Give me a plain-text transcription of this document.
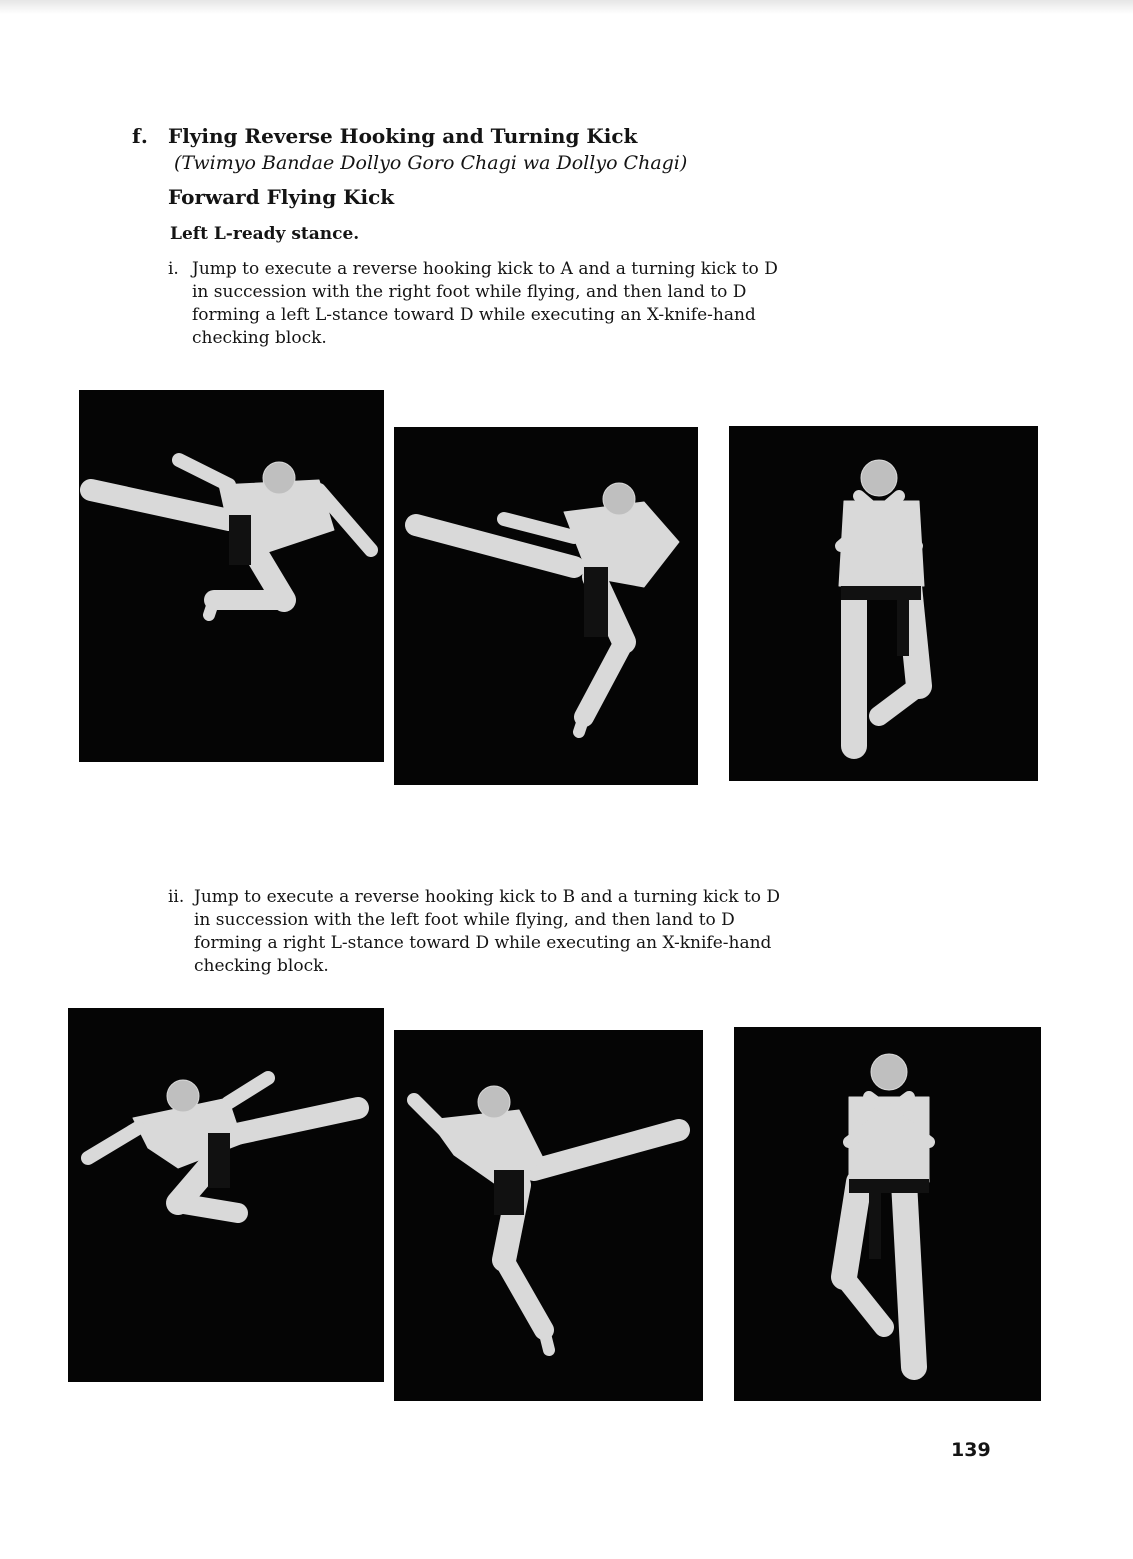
f. Flying Reverse Hooking and Turning Kick
(Twimyo Bandae Dollyo Goro Chagi wa Dollyo Chagi)
Forward Flying Kick
Left L-ready stance.
i. Jump to execute a reverse hooking kick to A and a turning kick to D
in succession with the right foot while flying, and then land to D
forming a left L-stance toward D while executing an X-knife-hand
checking block.
ii. Jump to execute a reverse hooking kick to B and a turning kick to D
in succession with the left foot while flying, and then land to D
forming a right L-stance toward D while executing an X-knife-hand
checking block.
139
